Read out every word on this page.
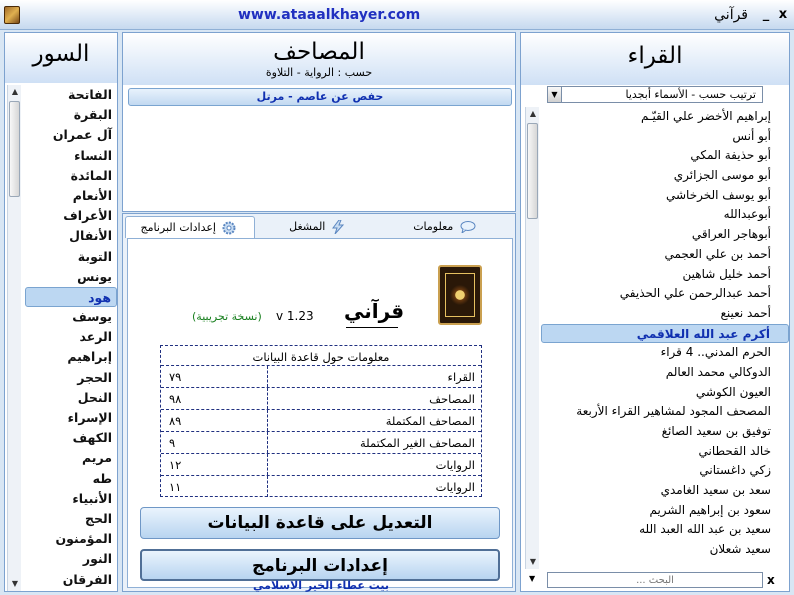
www.ataaalkhayer.com	قرآني _ x
السور
▲
▼
الفاتحة
البقرة
آل عمران
النساء
المائدة
الأنعام
الأعراف
الأنفال
التوبة
يونس
هود
يوسف
الرعد
إبراهيم
الحجر
النحل
الإسراء
الكهف
مريم
طه
الأنبياء
الحج
المؤمنون
النور
الفرقان
المصاحف
حسب : الرواية - التلاوة
حفص عن عاصم - مرتل
معلومات
المشغل
إعدادات البرنامج
قرآني
v 1.23
(نسخة تجريبية)
معلومات حول قاعدة البيانات
القراء
٧٩
المصاحف
٩٨
المصاحف المكتملة
٨٩
المصاحف الغير المكتملة
٩
الروايات
١٢
الروايات
١١
التعديل على قاعدة البيانات
إعدادات البرنامج
بيت عطاء الخير الاسلامي
القراء
▼	ترتيب حسب - الأسماء أبجديا
▲
▼
إبراهيم الأخضر علي القيّـم
أبو أنس
أبو حذيفة المكي
أبو موسى الجزائري
أبو يوسف الخرخاشي
أبوعبدالله
أبوهاجر العراقي
أحمد بن علي العجمي
أحمد خليل شاهين
أحمد عبدالرحمن علي الحذيفي
أحمد نعينع
أكرم عبد الله العلاقمي
الحرم المدني.. 4 قراء
الدوكالي محمد العالم
العيون الكوشي
المصحف المجود لمشاهير القراء الأربعة
توفيق بن سعيد الصائغ
خالد القحطاني
زكي داغستاني
سعد بن سعيد الغامدي
سعود بن إبراهيم الشريم
سعيد بن عبد الله العبد الله
سعيد شعلان
▼
... البحث	x
